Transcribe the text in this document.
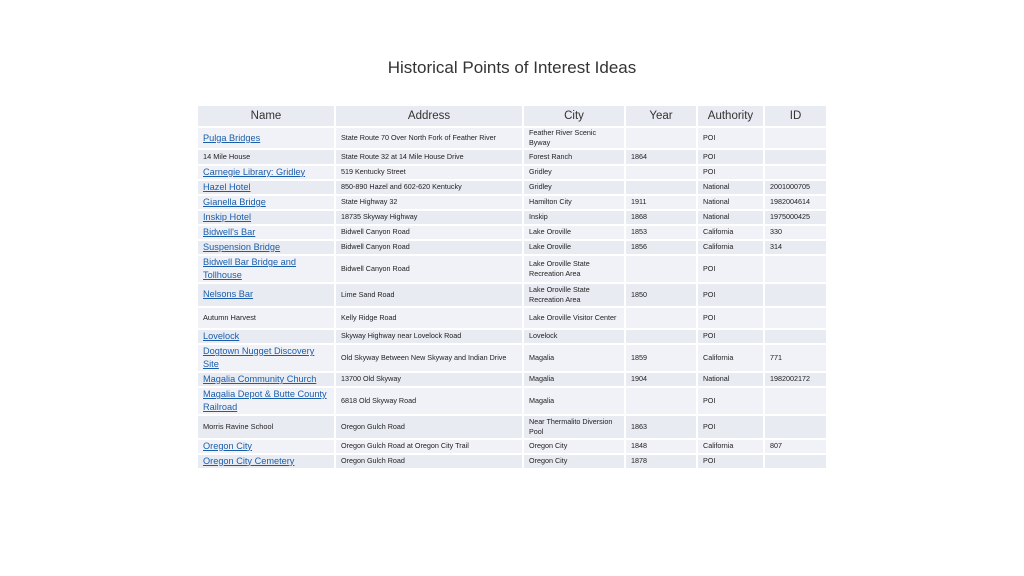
Historical Points of Interest Ideas
Name	Address	City	Year	Authority	ID
Pulga Bridges	State Route 70 Over North Fork of Feather River	Feather River Scenic Byway		POI	
14 Mile House	State Route 32 at 14 Mile House Drive	Forest Ranch	1864	POI	
Carnegie Library: Gridley	519 Kentucky Street	Gridley		POI	
Hazel Hotel	850-890 Hazel and 602-620 Kentucky	Gridley		National	2001000705
Gianella Bridge	State Highway 32	Hamilton City	1911	National	1982004614
Inskip Hotel	18735 Skyway Highway	Inskip	1868	National	1975000425
Bidwell's Bar	Bidwell Canyon Road	Lake Oroville	1853	California	330
Suspension Bridge	Bidwell Canyon Road	Lake Oroville	1856	California	314
Bidwell Bar Bridge and Tollhouse	Bidwell Canyon Road	Lake Oroville State Recreation Area		POI	
Nelsons Bar	Lime Sand Road	Lake Oroville State Recreation Area	1850	POI	
Autumn Harvest	Kelly Ridge Road	Lake Oroville Visitor Center		POI	
Lovelock	Skyway Highway near Lovelock Road	Lovelock		POI	
Dogtown Nugget Discovery Site	Old Skyway Between New Skyway and Indian Drive	Magalia	1859	California	771
Magalia Community Church	13700 Old Skyway	Magalia	1904	National	1982002172
Magalia Depot & Butte County Railroad	6818 Old Skyway Road	Magalia		POI	
Morris Ravine School	Oregon Gulch Road	Near Thermalito Diversion Pool	1863	POI	
Oregon City	Oregon Gulch Road at Oregon City Trail	Oregon City	1848	California	807
Oregon City Cemetery	Oregon Gulch Road	Oregon City	1878	POI	
